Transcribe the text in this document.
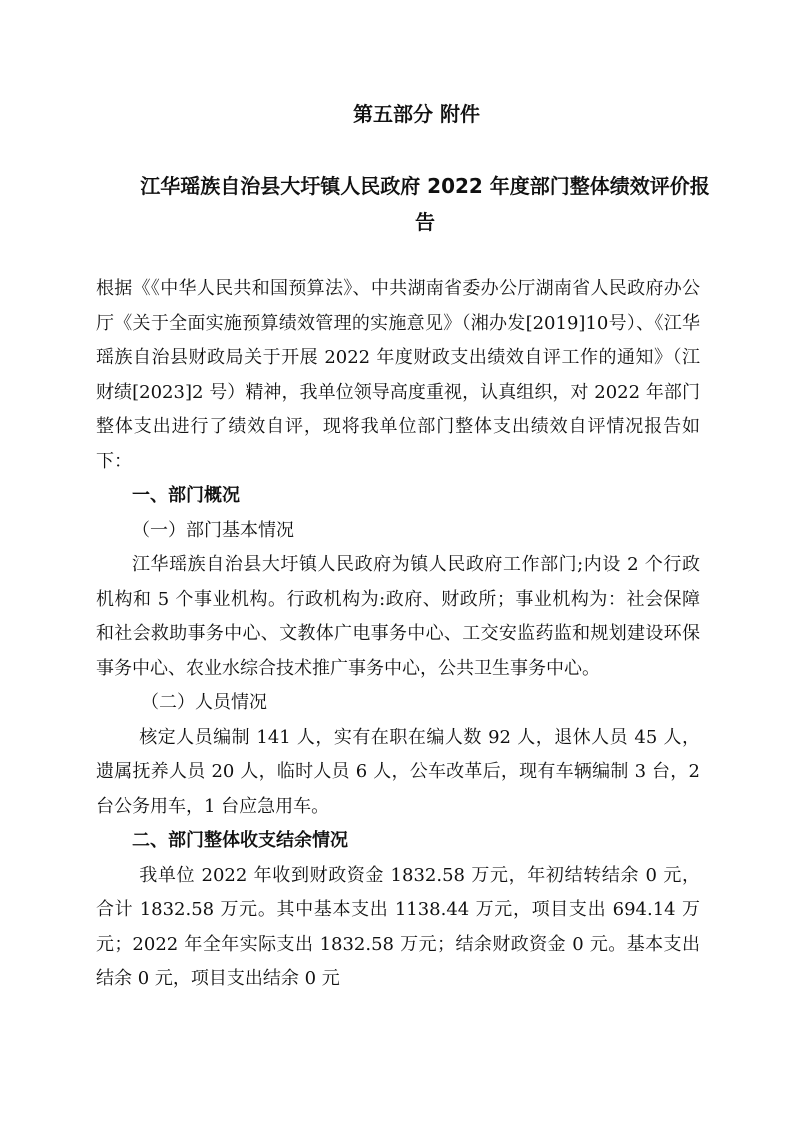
第五部分 附件
江华瑶族自治县大圩镇人民政府 2022 年度部门整体绩效评价报告

根据《《中华人民共和国预算法》、中共湖南省委办公厅湖南省人民政府办公厅《关于全面实施预算绩效管理的实施意见》（湘办发[2019]10号）、《江华瑶族自治县财政局关于开展 2022 年度财政支出绩效自评工作的通知》（江财绩[2023]2 号）精神，我单位领导高度重视，认真组织，对 2022 年部门整体支出进行了绩效自评，现将我单位部门整体支出绩效自评情况报告如下：

一、部门概况

（一）部门基本情况

江华瑶族自治县大圩镇人民政府为镇人民政府工作部门;内设 2 个行政机构和 5 个事业机构。行政机构为:政府、财政所；事业机构为：社会保障和社会救助事务中心、文教体广电事务中心、工交安监药监和规划建设环保事务中心、农业水综合技术推广事务中心，公共卫生事务中心。

（二）人员情况

核定人员编制 141 人，实有在职在编人数 92 人，退休人员 45 人，遗属抚养人员 20 人，临时人员 6 人，公车改革后，现有车辆编制 3 台，2 台公务用车，1 台应急用车。

二、部门整体收支结余情况

我单位 2022 年收到财政资金 1832.58 万元，年初结转结余 0 元，合计 1832.58 万元。其中基本支出 1138.44 万元，项目支出 694.14 万元；2022 年全年实际支出 1832.58 万元；结余财政资金 0 元。基本支出结余 0 元，项目支出结余 0 元
